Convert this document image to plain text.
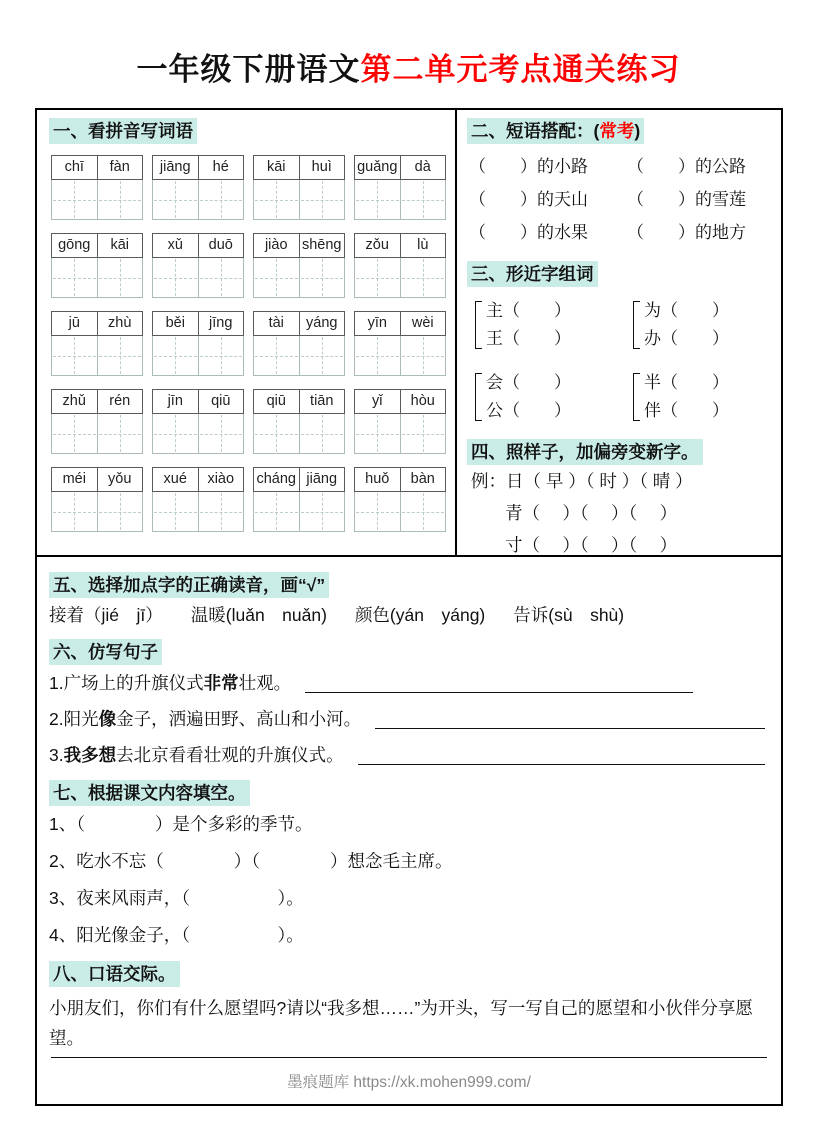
一年级下册语文第二单元考点通关练习
一、看拼音写词语
chī	fàn	jiāng	hé	kāi	huì	guǎng	dà
gōng	kāi	xǔ	duō	jiào shēng	zǒu	lù
jū	zhù	běi	jīng	tài	yáng	yīn	wèi
zhǔ	rén	jīn	qiū	qiū	tiān	yǐ	hòu
méi	yǒu	xué	xiào	cháng jiāng	huǒ	bàn
二、短语搭配：(常考)
（　　）的小路	（　　）的公路
（　　）的天山	（　　）的雪莲
（　　）的水果	（　　）的地方
三、形近字组词
主（　　）王（　　）
为（　　）办（　　）
会（　　）公（　　）
半（　　）伴（　　）
四、照样子，加偏旁变新字。
例：日（ 早 ）（ 时 ）（ 晴 ）
青（　 ）（　 ）（　 ）
寸（　 ）（　 ）（　 ）
五、选择加点字的正确读音，画“√”
接着（jié　jī） 温暖(luǎn　nuǎn) 颜色(yán　yáng) 告诉(sù　shù)
六、仿写句子
1.广场上的升旗仪式 非常 壮观。
2.阳光 像 金子，洒遍田野、高山和小河。
3. 我多想 去北京看看壮观的升旗仪式。
七、根据课文内容填空。
1、（　　　　）是个多彩的季节。
2、吃水不忘（　　　　）（　　　　）想念毛主席。
3、夜来风雨声，（　　　　　）。
4、阳光像金子，（　　　　　）。
八、口语交际。
小朋友们，你们有什么愿望吗?请以“我多想……”为开头，写一写自己的愿望和小伙伴分享愿望。
墨痕题库 https://xk.mohen999.com/
